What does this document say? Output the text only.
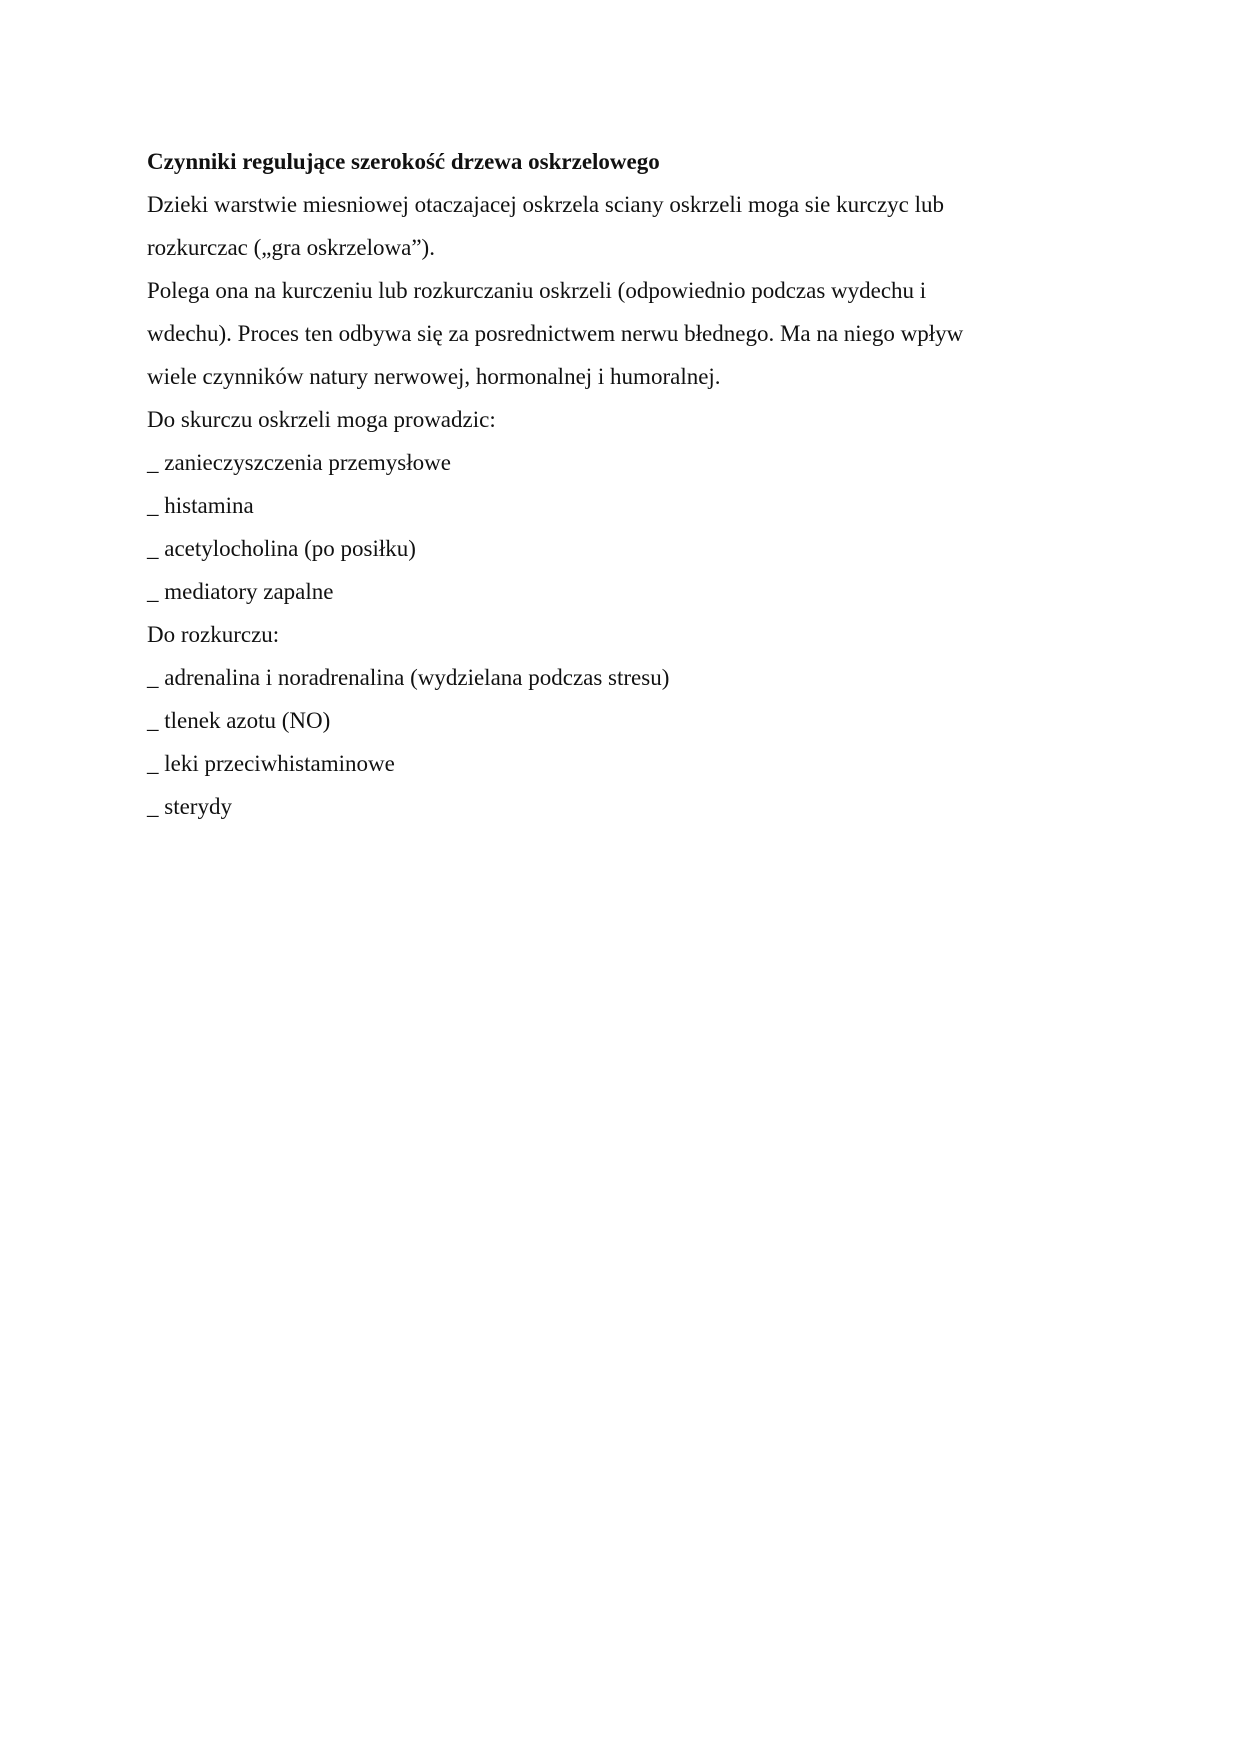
Czynniki regulujące szerokość drzewa oskrzelowego
Dzieki warstwie miesniowej otaczajacej oskrzela sciany oskrzeli moga sie kurczyc lub
rozkurczac („gra oskrzelowa”).
Polega ona na kurczeniu lub rozkurczaniu oskrzeli (odpowiednio podczas wydechu i
wdechu). Proces ten odbywa się za posrednictwem nerwu błednego. Ma na niego wpływ
wiele czynników natury nerwowej, hormonalnej i humoralnej.
Do skurczu oskrzeli moga prowadzic:
_ zanieczyszczenia przemysłowe
_ histamina
_ acetylocholina (po posiłku)
_ mediatory zapalne
Do rozkurczu:
_ adrenalina i noradrenalina (wydzielana podczas stresu)
_ tlenek azotu (NO)
_ leki przeciwhistaminowe
_ sterydy
